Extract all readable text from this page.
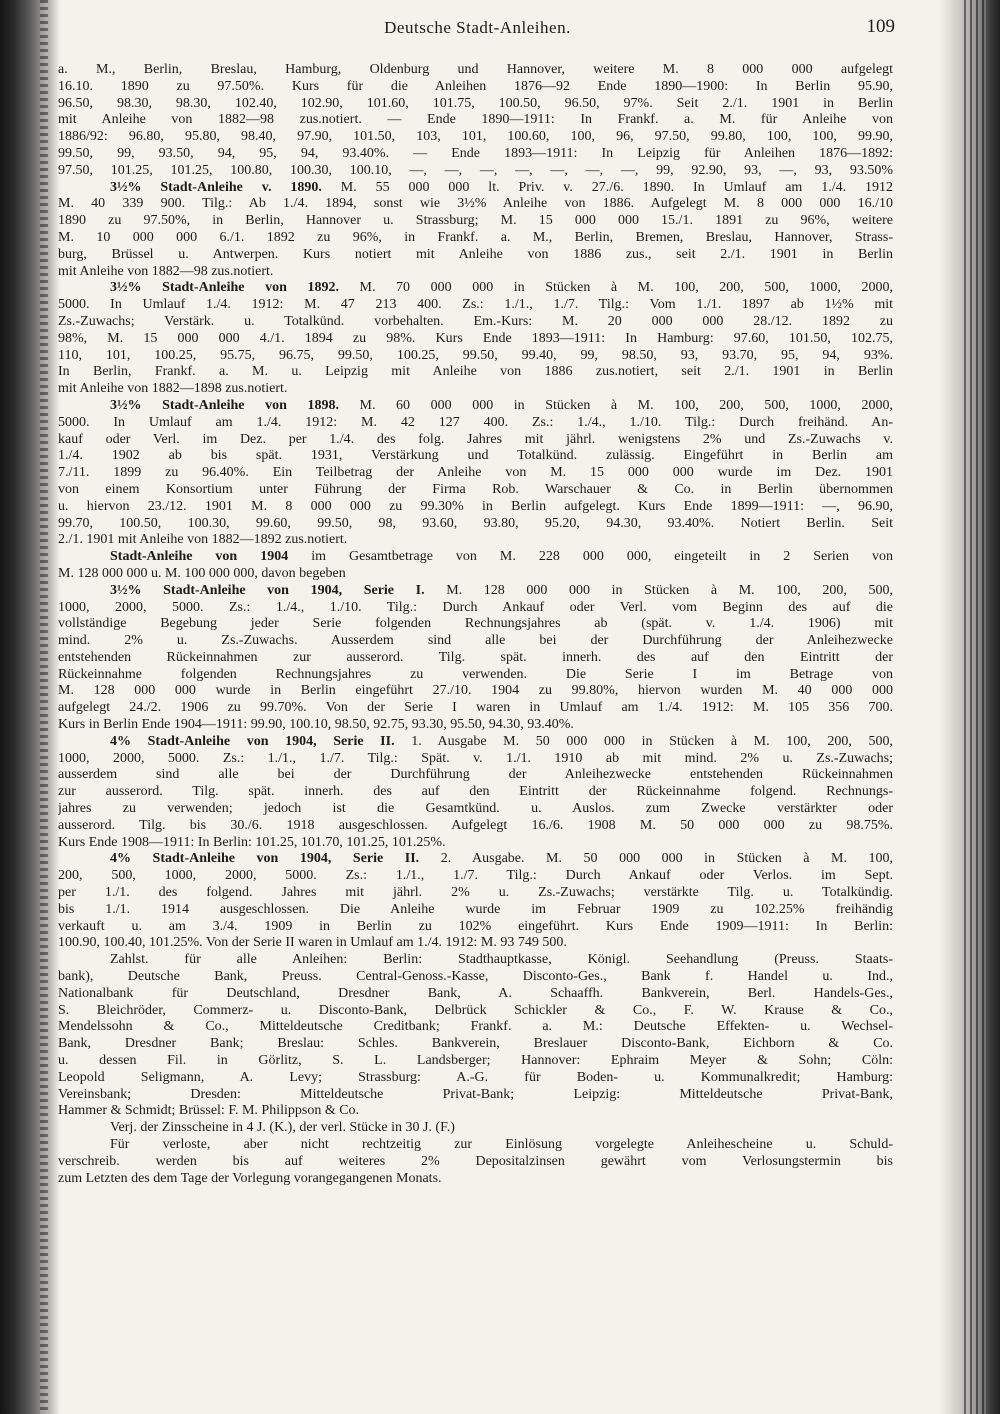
Deutsche Stadt-Anleihen.	109
a. M., Berlin, Breslau, Hamburg, Oldenburg und Hannover, weitere M. 8 000 000 aufgelegt
16.10. 1890 zu 97.50%. Kurs für die Anleihen 1876—92 Ende 1890—1900: In Berlin 95.90,
96.50, 98.30, 98.30, 102.40, 102.90, 101.60, 101.75, 100.50, 96.50, 97%. Seit 2./1. 1901 in Berlin
mit Anleihe von 1882—98 zus.notiert. — Ende 1890—1911: In Frankf. a. M. für Anleihe von
1886/92: 96.80, 95.80, 98.40, 97.90, 101.50, 103, 101, 100.60, 100, 96, 97.50, 99.80, 100, 100, 99.90,
99.50, 99, 93.50, 94, 95, 94, 93.40%. — Ende 1893—1911: In Leipzig für Anleihen 1876—1892:
97.50, 101.25, 101.25, 100.80, 100.30, 100.10, —, —, —, —, —, —, —, 99, 92.90, 93, —, 93, 93.50%
3½% Stadt-Anleihe v. 1890. M. 55 000 000 lt. Priv. v. 27./6. 1890. In Umlauf am 1./4. 1912
M. 40 339 900. Tilg.: Ab 1./4. 1894, sonst wie 3½% Anleihe von 1886. Aufgelegt M. 8 000 000 16./10
1890 zu 97.50%, in Berlin, Hannover u. Strassburg; M. 15 000 000 15./1. 1891 zu 96%, weitere
M. 10 000 000 6./1. 1892 zu 96%, in Frankf. a. M., Berlin, Bremen, Breslau, Hannover, Strass-
burg, Brüssel u. Antwerpen. Kurs notiert mit Anleihe von 1886 zus., seit 2./1. 1901 in Berlin
mit Anleihe von 1882—98 zus.notiert.
3½% Stadt-Anleihe von 1892. M. 70 000 000 in Stücken à M. 100, 200, 500, 1000, 2000,
5000. In Umlauf 1./4. 1912: M. 47 213 400. Zs.: 1./1., 1./7. Tilg.: Vom 1./1. 1897 ab 1½% mit
Zs.-Zuwachs; Verstärk. u. Totalkünd. vorbehalten. Em.-Kurs: M. 20 000 000 28./12. 1892 zu
98%, M. 15 000 000 4./1. 1894 zu 98%. Kurs Ende 1893—1911: In Hamburg: 97.60, 101.50, 102.75,
110, 101, 100.25, 95.75, 96.75, 99.50, 100.25, 99.50, 99.40, 99, 98.50, 93, 93.70, 95, 94, 93%.
In Berlin, Frankf. a. M. u. Leipzig mit Anleihe von 1886 zus.notiert, seit 2./1. 1901 in Berlin
mit Anleihe von 1882—1898 zus.notiert.
3½% Stadt-Anleihe von 1898. M. 60 000 000 in Stücken à M. 100, 200, 500, 1000, 2000,
5000. In Umlauf am 1./4. 1912: M. 42 127 400. Zs.: 1./4., 1./10. Tilg.: Durch freihänd. An-
kauf oder Verl. im Dez. per 1./4. des folg. Jahres mit jährl. wenigstens 2% und Zs.-Zuwachs v.
1./4. 1902 ab bis spät. 1931, Verstärkung und Totalkünd. zulässig. Eingeführt in Berlin am
7./11. 1899 zu 96.40%. Ein Teilbetrag der Anleihe von M. 15 000 000 wurde im Dez. 1901
von einem Konsortium unter Führung der Firma Rob. Warschauer & Co. in Berlin übernommen
u. hiervon 23./12. 1901 M. 8 000 000 zu 99.30% in Berlin aufgelegt. Kurs Ende 1899—1911: —, 96.90,
99.70, 100.50, 100.30, 99.60, 99.50, 98, 93.60, 93.80, 95.20, 94.30, 93.40%. Notiert Berlin. Seit
2./1. 1901 mit Anleihe von 1882—1892 zus.notiert.
Stadt-Anleihe von 1904 im Gesamtbetrage von M. 228 000 000, eingeteilt in 2 Serien von
M. 128 000 000 u. M. 100 000 000, davon begeben
3½% Stadt-Anleihe von 1904, Serie I. M. 128 000 000 in Stücken à M. 100, 200, 500,
1000, 2000, 5000. Zs.: 1./4., 1./10. Tilg.: Durch Ankauf oder Verl. vom Beginn des auf die
vollständige Begebung jeder Serie folgenden Rechnungsjahres ab (spät. v. 1./4. 1906) mit
mind. 2% u. Zs.-Zuwachs. Ausserdem sind alle bei der Durchführung der Anleihezwecke
entstehenden Rückeinnahmen zur ausserord. Tilg. spät. innerh. des auf den Eintritt der
Rückeinnahme folgenden Rechnungsjahres zu verwenden. Die Serie I im Betrage von
M. 128 000 000 wurde in Berlin eingeführt 27./10. 1904 zu 99.80%, hiervon wurden M. 40 000 000
aufgelegt 24./2. 1906 zu 99.70%. Von der Serie I waren in Umlauf am 1./4. 1912: M. 105 356 700.
Kurs in Berlin Ende 1904—1911: 99.90, 100.10, 98.50, 92.75, 93.30, 95.50, 94.30, 93.40%.
4% Stadt-Anleihe von 1904, Serie II. 1. Ausgabe M. 50 000 000 in Stücken à M. 100, 200, 500,
1000, 2000, 5000. Zs.: 1./1., 1./7. Tilg.: Spät. v. 1./1. 1910 ab mit mind. 2% u. Zs.-Zuwachs;
ausserdem sind alle bei der Durchführung der Anleihezwecke entstehenden Rückeinnahmen
zur ausserord. Tilg. spät. innerh. des auf den Eintritt der Rückeinnahme folgend. Rechnungs-
jahres zu verwenden; jedoch ist die Gesamtkünd. u. Auslos. zum Zwecke verstärkter oder
ausserord. Tilg. bis 30./6. 1918 ausgeschlossen. Aufgelegt 16./6. 1908 M. 50 000 000 zu 98.75%.
Kurs Ende 1908—1911: In Berlin: 101.25, 101.70, 101.25, 101.25%.
4% Stadt-Anleihe von 1904, Serie II. 2. Ausgabe. M. 50 000 000 in Stücken à M. 100,
200, 500, 1000, 2000, 5000. Zs.: 1./1., 1./7. Tilg.: Durch Ankauf oder Verlos. im Sept.
per 1./1. des folgend. Jahres mit jährl. 2% u. Zs.-Zuwachs; verstärkte Tilg. u. Totalkündig.
bis 1./1. 1914 ausgeschlossen. Die Anleihe wurde im Februar 1909 zu 102.25% freihändig
verkauft u. am 3./4. 1909 in Berlin zu 102% eingeführt. Kurs Ende 1909—1911: In Berlin:
100.90, 100.40, 101.25%. Von der Serie II waren in Umlauf am 1./4. 1912: M. 93 749 500.
Zahlst. für alle Anleihen: Berlin: Stadthauptkasse, Königl. Seehandlung (Preuss. Staats-
bank), Deutsche Bank, Preuss. Central-Genoss.-Kasse, Disconto-Ges., Bank f. Handel u. Ind.,
Nationalbank für Deutschland, Dresdner Bank, A. Schaaffh. Bankverein, Berl. Handels-Ges.,
S. Bleichröder, Commerz- u. Disconto-Bank, Delbrück Schickler & Co., F. W. Krause & Co.,
Mendelssohn & Co., Mitteldeutsche Creditbank; Frankf. a. M.: Deutsche Effekten- u. Wechsel-
Bank, Dresdner Bank; Breslau: Schles. Bankverein, Breslauer Disconto-Bank, Eichborn & Co.
u. dessen Fil. in Görlitz, S. L. Landsberger; Hannover: Ephraim Meyer & Sohn; Cöln:
Leopold Seligmann, A. Levy; Strassburg: A.-G. für Boden- u. Kommunalkredit; Hamburg:
Vereinsbank; Dresden: Mitteldeutsche Privat-Bank; Leipzig: Mitteldeutsche Privat-Bank,
Hammer & Schmidt; Brüssel: F. M. Philippson & Co.
Verj. der Zinsscheine in 4 J. (K.), der verl. Stücke in 30 J. (F.)
Für verloste, aber nicht rechtzeitig zur Einlösung vorgelegte Anleihescheine u. Schuld-
verschreib. werden bis auf weiteres 2% Depositalzinsen gewährt vom Verlosungstermin bis
zum Letzten des dem Tage der Vorlegung vorangegangenen Monats.
